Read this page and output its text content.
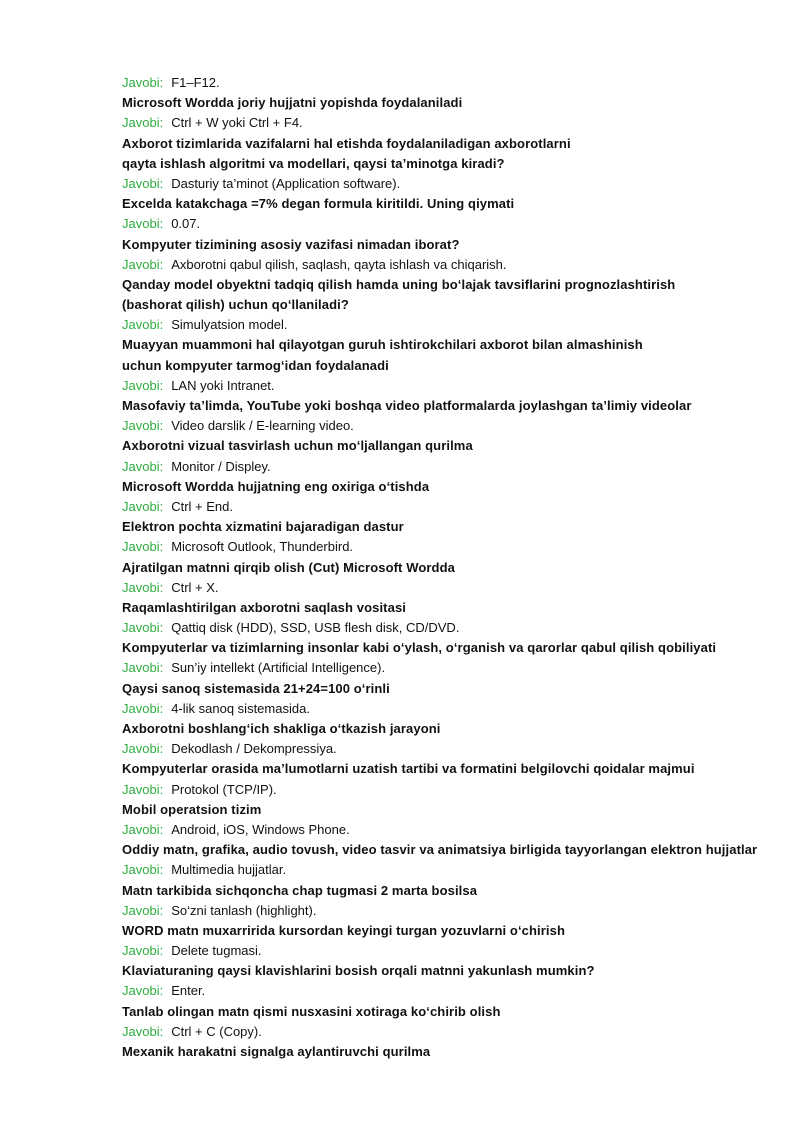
Javobi: F1–F12.
Microsoft Wordda joriy hujjatni yopishda foydalaniladi
Javobi: Ctrl + W yoki Ctrl + F4.
Axborot tizimlarida vazifalarni hal etishda foydalaniladigan axborotlarni
qayta ishlash algoritmi va modellari, qaysi ta’minotga kiradi?
Javobi: Dasturiy ta’minot (Application software).
Excelda katakchaga =7% degan formula kiritildi. Uning qiymati
Javobi: 0.07.
Kompyuter tizimining asosiy vazifasi nimadan iborat?
Javobi: Axborotni qabul qilish, saqlash, qayta ishlash va chiqarish.
Qanday model obyektni tadqiq qilish hamda uning bo‘lajak tavsiflarini prognozlashtirish
(bashorat qilish) uchun qo‘llaniladi?
Javobi: Simulyatsion model.
Muayyan muammoni hal qilayotgan guruh ishtirokchilari axborot bilan almashinish
uchun kompyuter tarmog‘idan foydalanadi
Javobi: LAN yoki Intranet.
Masofaviy ta’limda, YouTube yoki boshqa video platformalarda joylashgan ta’limiy videolar
Javobi: Video darslik / E-learning video.
Axborotni vizual tasvirlash uchun mo‘ljallangan qurilma
Javobi: Monitor / Displey.
Microsoft Wordda hujjatning eng oxiriga o‘tishda
Javobi: Ctrl + End.
Elektron pochta xizmatini bajaradigan dastur
Javobi: Microsoft Outlook, Thunderbird.
Ajratilgan matnni qirqib olish (Cut) Microsoft Wordda
Javobi: Ctrl + X.
Raqamlashtirilgan axborotni saqlash vositasi
Javobi: Qattiq disk (HDD), SSD, USB flesh disk, CD/DVD.
Kompyuterlar va tizimlarning insonlar kabi o‘ylash, o‘rganish va qarorlar qabul qilish qobiliyati
Javobi: Sun’iy intellekt (Artificial Intelligence).
Qaysi sanoq sistemasida 21+24=100 o‘rinli
Javobi: 4-lik sanoq sistemasida.
Axborotni boshlang‘ich shakliga o‘tkazish jarayoni
Javobi: Dekodlash / Dekompressiya.
Kompyuterlar orasida ma’lumotlarni uzatish tartibi va formatini belgilovchi qoidalar majmui
Javobi: Protokol (TCP/IP).
Mobil operatsion tizim
Javobi: Android, iOS, Windows Phone.
Oddiy matn, grafika, audio tovush, video tasvir va animatsiya birligida tayyorlangan elektron hujjatlar
Javobi: Multimedia hujjatlar.
Matn tarkibida sichqoncha chap tugmasi 2 marta bosilsa
Javobi: So‘zni tanlash (highlight).
WORD matn muxarririda kursordan keyingi turgan yozuvlarni o‘chirish
Javobi: Delete tugmasi.
Klaviaturaning qaysi klavishlarini bosish orqali matnni yakunlash mumkin?
Javobi: Enter.
Tanlab olingan matn qismi nusxasini xotiraga ko‘chirib olish
Javobi: Ctrl + C (Copy).
Mexanik harakatni signalga aylantiruvchi qurilma
